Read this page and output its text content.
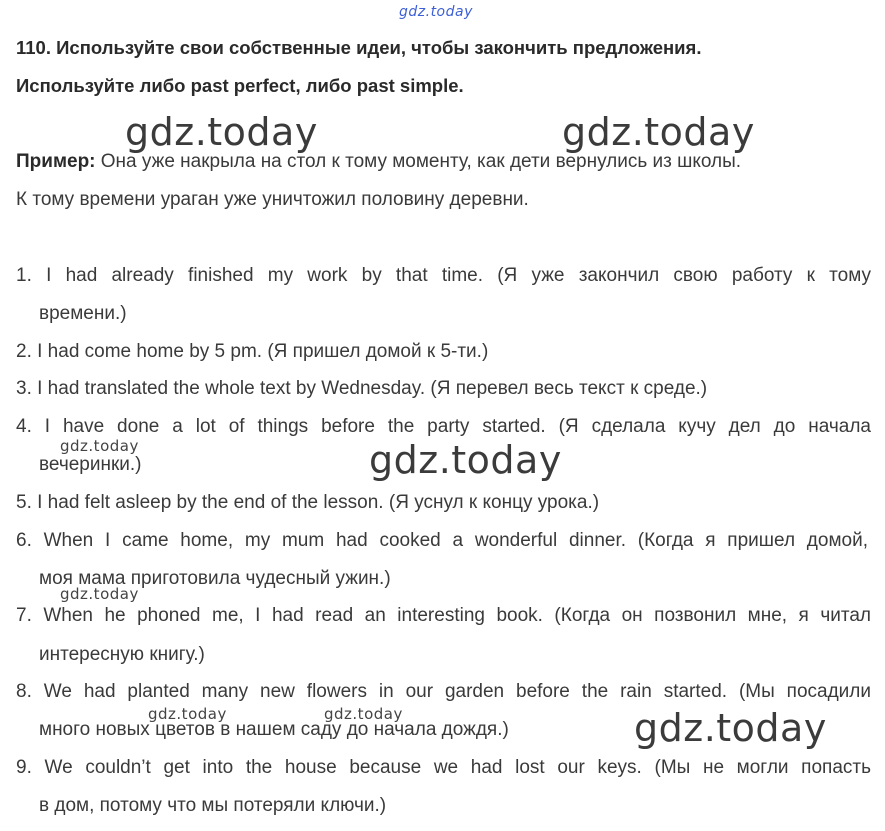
gdz.today
110. Используйте свои собственные идеи, чтобы закончить предложения.
Используйте либо past perfect, либо past simple.
gdz.today	gdz.today
Пример: Она уже накрыла на стол к тому моменту, как дети вернулись из школы.
К тому времени ураган уже уничтожил половину деревни.
1. I had already finished my work by that time. (Я уже закончил свою работу к тому
времени.)
2. I had come home by 5 pm. (Я пришел домой к 5-ти.)
3. I had translated the whole text by Wednesday. (Я перевел весь текст к среде.)
4. I have done a lot of things before the party started. (Я сделала кучу дел до начала
вечеринки.)
gdz.today	gdz.today
5. I had felt asleep by the end of the lesson. (Я уснул к концу урока.)
6. When I came home, my mum had cooked a wonderful dinner. (Когда я пришел домой,
моя мама приготовила чудесный ужин.)
gdz.today
7. When he phoned me, I had read an interesting book. (Когда он позвонил мне, я читал
интересную книгу.)
8. We had planted many new flowers in our garden before the rain started. (Мы посадили
много новых цветов в нашем саду до начала дождя.)
gdz.today	gdz.today	gdz.today
9. We couldn’t get into the house because we had lost our keys. (Мы не могли попасть
в дом, потому что мы потеряли ключи.)
